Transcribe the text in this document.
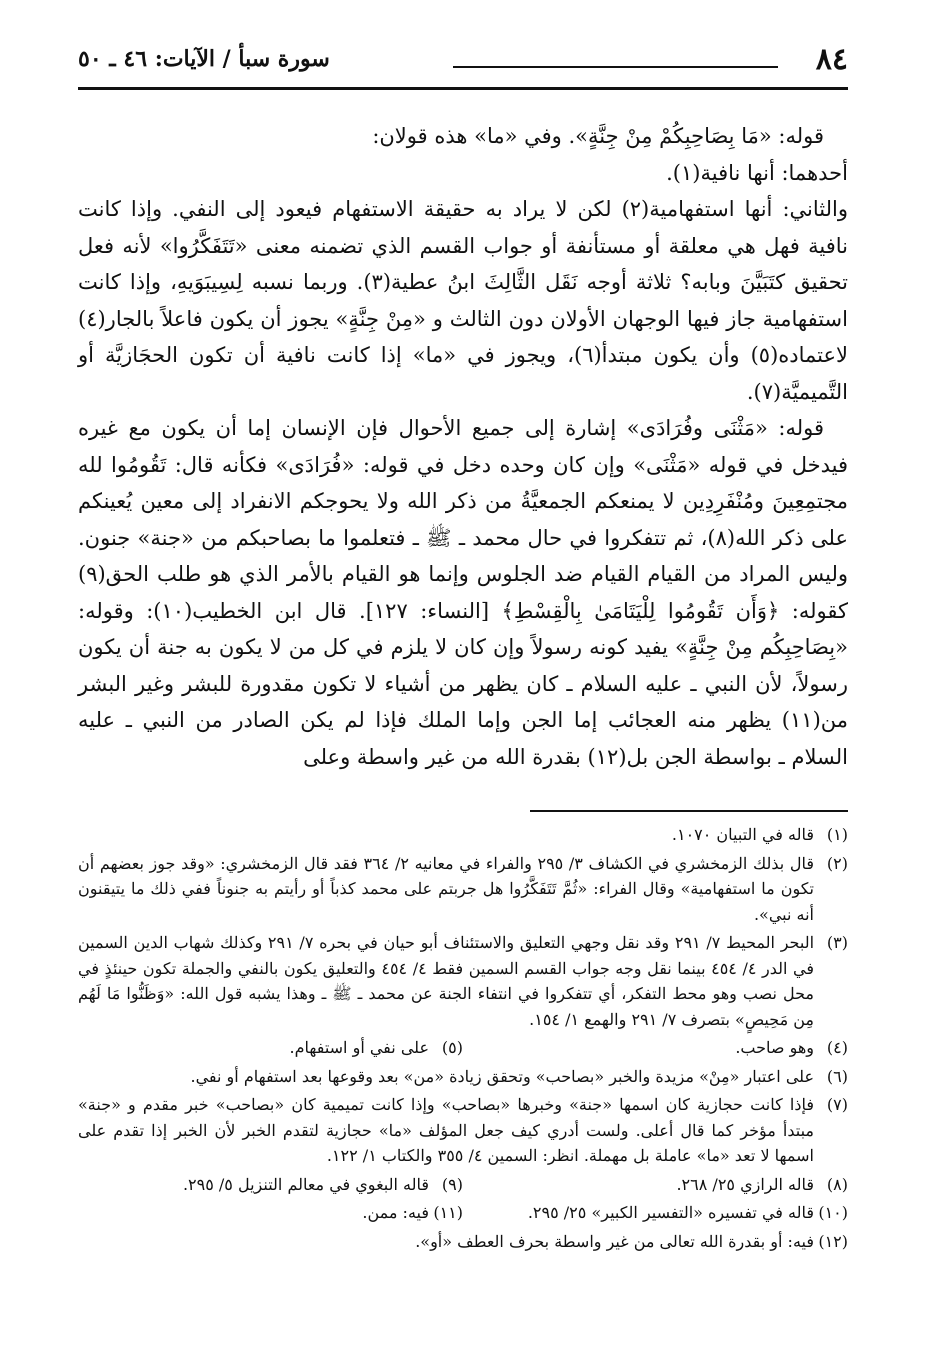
٨٤
سورة سبأ / الآيات: ٤٦ ـ ٥٠

قوله: «مَا بِصَاحِبِكُمْ مِنْ جِنَّةٍ». وفي «ما» هذه قولان:

أحدهما: أنها نافية(١).

والثاني: أنها استفهامية(٢) لكن لا يراد به حقيقة الاستفهام فيعود إلى النفي. وإذا كانت نافية فهل هي معلقة أو مستأنفة أو جواب القسم الذي تضمنه معنى «تَتَفَكَّرُوا» لأنه فعل تحقيق كتَبَيَّنَ وبابه؟ ثلاثة أوجه نَقَل الثَّالِثَ ابنُ عطية(٣). وربما نسبه لِسِيبَوَيهِ، وإذا كانت استفهامية جاز فيها الوجهان الأولان دون الثالث و «مِنْ جِنَّةٍ» يجوز أن يكون فاعلاً بالجار(٤) لاعتماده(٥) وأن يكون مبتدأ(٦)، ويجوز في «ما» إذا كانت نافية أن تكون الحجَازيَّة أو التَّميميَّة(٧).

قوله: «مَثْنَى وفُرَادَى» إشارة إلى جميع الأحوال فإن الإنسان إما أن يكون مع غيره فيدخل في قوله «مَثْنَى» وإن كان وحده دخل في قوله: «فُرَادَى» فكأنه قال: تَقُومُوا لله مجتمِعِينَ ومُنْفَرِدِين لا يمنعكم الجمعيَّةُ من ذكر الله ولا يحوجكم الانفراد إلى معين يُعينكم على ذكر الله(٨)، ثم تتفكروا في حال محمد ـ ﷺ ـ فتعلموا ما بصاحبكم من «جنة» جنون. وليس المراد من القيام القيام ضد الجلوس وإنما هو القيام بالأمر الذي هو طلب الحق(٩) كقوله: ﴿وَأَن تَقُومُوا لِلْيَتَامَىٰ بِالْقِسْطِ﴾ [النساء: ١٢٧]. قال ابن الخطيب(١٠): وقوله: «بِصَاحِبِكُم مِنْ جِنَّةٍ» يفيد كونه رسولاً وإن كان لا يلزم في كل من لا يكون به جنة أن يكون رسولاً، لأن النبي ـ عليه السلام ـ كان يظهر من أشياء لا تكون مقدورة للبشر وغير البشر من(١١) يظهر منه العجائب إما الجن وإما الملك فإذا لم يكن الصادر من النبي ـ عليه السلام ـ بواسطة الجن بل(١٢) بقدرة الله من غير واسطة وعلى

(١)
قاله في التبيان ١٠٧٠.
(٢)
قال بذلك الزمخشري في الكشاف ٣/ ٢٩٥ والفراء في معانيه ٢/ ٣٦٤ فقد قال الزمخشري: «وقد جوز بعضهم أن تكون ما استفهامية» وقال الفراء: «ثُمَّ تَتَفَكَّرُوا هل جربتم على محمد كذباً أو رأيتم به جنوناً ففي ذلك ما يتيقنون أنه نبي».
(٣)
البحر المحيط ٧/ ٢٩١ وقد نقل وجهي التعليق والاستئناف أبو حيان في بحره ٧/ ٢٩١ وكذلك شهاب الدين السمين في الدر ٤/ ٤٥٤ بينما نقل وجه جواب القسم السمين فقط ٤/ ٤٥٤ والتعليق يكون بالنفي والجملة تكون حينئذٍ في محل نصب وهو محط التفكر، أي تتفكروا في انتفاء الجنة عن محمد ـ ﷺ ـ وهذا يشبه قول الله: «وَظَنُّوا مَا لَهُم مِن مَحِيصٍ» بتصرف ٧/ ٢٩١ والهمع ١/ ١٥٤.
(٤)
وهو صاحب.
(٥)
على نفي أو استفهام.
(٦)
على اعتبار «مِنْ» مزيدة والخبر «بصاحب» وتحقق زيادة «من» بعد وقوعها بعد استفهام أو نفي.
(٧)
فإذا كانت حجازية كان اسمها «جنة» وخبرها «بصاحب» وإذا كانت تميمية كان «بصاحب» خبر مقدم و «جنة» مبتدأ مؤخر كما قال أعلى. ولست أدري كيف جعل المؤلف «ما» حجازية لتقدم الخبر لأن الخبر إذا تقدم على اسمها لا تعد «ما» عاملة بل مهملة. انظر: السمين ٤/ ٣٥٥ والكتاب ١/ ١٢٢.
(٨)
قاله الرازي ٢٥/ ٢٦٨.
(٩)
قاله البغوي في معالم التنزيل ٥/ ٢٩٥.
(١٠)
قاله في تفسيره «التفسير الكبير» ٢٥/ ٢٩٥.
(١١)
فيه: ممن.
(١٢)
فيه: أو بقدرة الله تعالى من غير واسطة بحرف العطف «أو».
